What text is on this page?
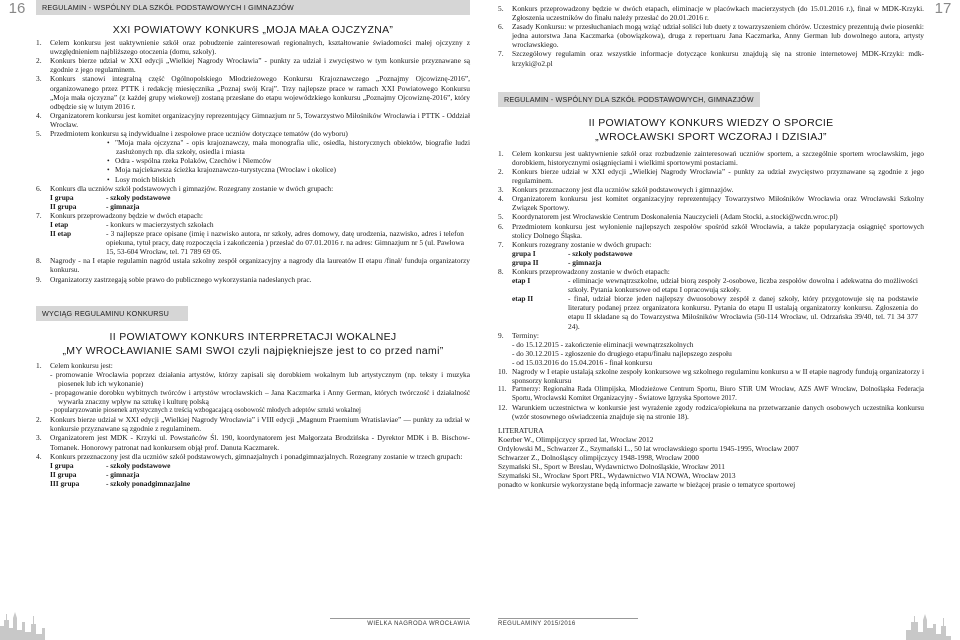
16	17
REGULAMIN - WSPÓLNY DLA SZKÓŁ PODSTAWOWYCH I GIMNAZJÓW
XXI POWIATOWY KONKURS „MOJA MAŁA OJCZYZNA”

1. Celem konkursu jest uaktywnienie szkół oraz pobudzenie zainteresowań regionalnych, kształtowanie świadomości małej ojczyzny z uwzględnieniem najbliższego otoczenia (domu, szkoły).

2. Konkurs bierze udział w XXI edycji „Wielkiej Nagrody Wrocławia” - punkty za udział i zwycięstwo w tym konkursie przyznawane są zgodnie z jego regulaminem.

3. Konkurs stanowi integralną część Ogólnopolskiego Młodzieżowego Konkursu Krajoznawczego „Poznajmy Ojcowiznę-2016”, organizowanego przez PTTK i redakcję miesięcznika „Poznaj swój Kraj”. Trzy najlepsze prace w ramach XXI Powiatowego Konkursu „Moja mała ojczyzna” (z każdej grupy wiekowej) zostaną przesłane do etapu wojewódzkiego konkursu „Poznajmy Ojcowiznę-2016”, który odbędzie się w lutym 2016 r.

4. Organizatorem konkursu jest komitet organizacyjny reprezentujący Gimnazjum nr 5, Towarzystwo Miłośników Wrocławia i PTTK - Oddział Wrocław.

5. Przedmiotem konkursu są indywidualne i zespołowe prace uczniów dotyczące tematów (do wyboru)

• "Moja mała ojczyzna" - opis krajoznawczy, mała monografia ulic, osiedla, historycznych obiektów, biografie ludzi zasłużonych np. dla szkoły, osiedla i miasta
• Odra - wspólna rzeka Polaków, Czechów i Niemców
• Moja najciekawsza ścieżka krajoznawczo-turystyczna (Wrocław i okolice)
• Losy moich bliskich

6. Konkurs dla uczniów szkół podstawowych i gimnazjów. Rozegrany zostanie w dwóch grupach:

I grupa	- szkoły podstawowe
II grupa	- gimnazja

7. Konkurs przeprowadzony będzie w dwóch etapach:

I etap	- konkurs w macierzystych szkołach
II etap	- 3 najlepsze prace opisane (imię i nazwisko autora, nr szkoły, adres domowy, datę urodzenia, nazwisko, adres i telefon opiekuna, tytuł pracy, datę rozpoczęcia i zakończenia ) przesłać do 07.01.2016 r. na adres: Gimnazjum nr 5 (ul. Pawłowa 15, 53-604 Wrocław, tel. 71 789 69 05.

8. Nagrody - na I etapie regulamin nagród ustala szkolny zespół organizacyjny a nagrody dla laureatów II etapu /finał/ funduja organizatorzy konkursu.

9. Organizatorzy zastrzegają sobie prawo do publicznego wykorzystania nadesłanych prac.

WYCIĄG REGULAMINU KONKURSU
II POWIATOWY KONKURS INTERPRETACJI WOKALNEJ
„MY WROCŁAWIANIE SAMI SWOI czyli najpiękniejsze jest to co przed nami”

1. Celem konkursu jest:

- promowanie Wrocławia poprzez działania artystów, którzy zapisali się dorobkiem wokalnym lub artystycznym (np. teksty i muzyka piosenek lub ich wykonanie)

- propagowanie dorobku wybitnych twórców i artystów wrocławskich – Jana Kaczmarka i Anny German, których twórczość i działalność wywarła znaczny wpływ na sztukę i kulturę polską

- popularyzowanie piosenek artystycznych z treścią wzbogacającą osobowość młodych adeptów sztuki wokalnej

2. Konkurs bierze udział w XXI edycji „Wielkiej Nagrody Wrocławia” i VIII edycji „Magnum Praemium Wratislaviae” — punkty za udział w konkursie przyznawane są zgodnie z regulaminem.

3. Organizatorem jest MDK - Krzyki ul. Powstańców Śl. 190, koordynatorem jest Małgorzata Brodzińska - Dyrektor MDK i B. Bischow-Tomanek. Honorowy patronat nad konkursem objął prof. Danuta Kaczmarek.

4. Konkurs przeznaczony jest dla uczniów szkół podstawowych, gimnazjalnych i ponadgimnazjalnych. Rozegrany zostanie w trzech grupach:

I grupa	- szkoły podstawowe
II grupa	- gimnazja
III grupa	- szkoły ponadgimnazjalne
WIELKA NAGRODA WROCŁAWIA

5. Konkurs przeprowadzony będzie w dwóch etapach, eliminacje w placówkach macierzystych (do 15.01.2016 r.), finał w MDK-Krzyki. Zgłoszenia uczestników do finału należy przesłać do 20.01.2016 r.

6. Zasady Konkursu: w przesłuchaniach mogą wziąć udział soliści lub duety z towarzyszeniem chórów. Uczestnicy prezentują dwie piosenki: jedna autorstwa Jana Kaczmarka (obowiązkowa), druga z repertuaru Jana Kaczmarka, Anny German lub dowolnego autora, artysty wrocławskiego.

7. Szczegółowy regulamin oraz wszystkie informacje dotyczące konkursu znajdują się na stronie internetowej MDK-Krzyki: mdk-krzyki@o2.pl

REGULAMIN - WSPÓLNY DLA SZKÓŁ PODSTAWOWYCH, GIMNAZJÓW
II POWIATOWY KONKURS WIEDZY O SPORCIE
„WROCŁAWSKI SPORT WCZORAJ I DZISIAJ”

1. Celem konkursu jest uaktywnienie szkół oraz rozbudzenie zainteresowań uczniów sportem, a szczególnie sportem wrocławskim, jego dorobkiem, historycznymi osiągnięciami i wielkimi sportowymi postaciami.

2. Konkurs bierze udział w XXI edycji „Wielkiej Nagrody Wrocławia” - punkty za udział zwycięstwo przyznawane są zgodnie z jego regulaminem.

3. Konkurs przeznaczony jest dla uczniów szkół podstawowych i gimnazjów.

4. Organizatorem konkursu jest komitet organizacyjny reprezentujący Towarzystwo Miłośników Wrocławia oraz Wrocławski Szkolny Związek Sportowy.

5. Koordynatorem jest Wrocławskie Centrum Doskonalenia Nauczycieli (Adam Stocki, a.stocki@wcdn.wroc.pl)

6. Przedmiotem konkursu jest wyłonienie najlepszych zespołów spośród szkół Wrocławia, a także popularyzacja osiągnięć sportowych stolicy Dolnego Śląska.

7. Konkurs rozegrany zostanie w dwóch grupach:

grupa I	- szkoły podstawowe
grupa II	- gimnazja

8. Konkurs przeprowadzony zostanie w dwóch etapach:

etap I	- eliminacje wewnątrzszkolne, udział biorą zespoły 2-osobowe, liczba zespołów dowolna i adekwatna do możliwości szkoły. Pytania konkursowe od etapu I opracowują szkoły.
etap II	- finał, udział biorze jeden najlepszy dwuosobowy zespół z danej szkoły, który przygotowuje się na podstawie literatury podanej przez organizatora konkursu. Pytania do etapu II ustalają organizatorzy konkursu. Zgłoszenia do etapu II składane są do Towarzystwa Miłośników Wrocławia (50-114 Wrocław, ul. Odrzańska 39/40, tel. 71 34 377 24).

9. Terminy:

- do 15.12.2015 - zakończenie eliminacji wewnątrzszkolnych

- do 30.12.2015 - zgłoszenie do drugiego etapu/finału najlepszego zespołu

- od 15.03.2016 do 15.04.2016 - finał konkursu

10. Nagrody w I etapie ustalają szkolne zespoły konkursowe wg szkolnego regulaminu konkursu a w II etapie nagrody fundują organizatorzy i sponsorzy konkursu

11. Partnerzy: Regionalna Rada Olimpijska, Młodzieżowe Centrum Sportu, Biuro STiR UM Wrocław, AZS AWF Wrocław, Dolnośląska Federacja Sportu, Wrocławski Komitet Organizacyjny - Światowe Igrzyska Sportowe 2017.

12. Warunkiem uczestnictwa w konkursie jest wyrażenie zgody rodzica/opiekuna na przetwarzanie danych osobowych uczestnika konkursu (wzór stosownego oświadczenia znajduje się na stronie 18).

LITERATURA

Koerber W., Olimpijczycy sprzed lat, Wrocław 2012

Ordyłowski M., Schwarzer Z., Szymański L., 50 lat wrocławskiego sportu 1945-1995, Wrocław 2007

Schwarzer Z., Dolnośląscy olimpijczycy 1948-1998, Wrocław 2000

Szymański Sł., Sport w Breslau, Wydawnictwo Dolnośląskie, Wrocław 2011

Szymański Sł., Wrocław Sport PRL, Wydawnictwo VIA NOWA, Wrocław 2013

ponadto w konkursie wykorzystane będą informacje zawarte w bieżącej prasie o tematyce sportowej

REGULAMINY 2015/2016
